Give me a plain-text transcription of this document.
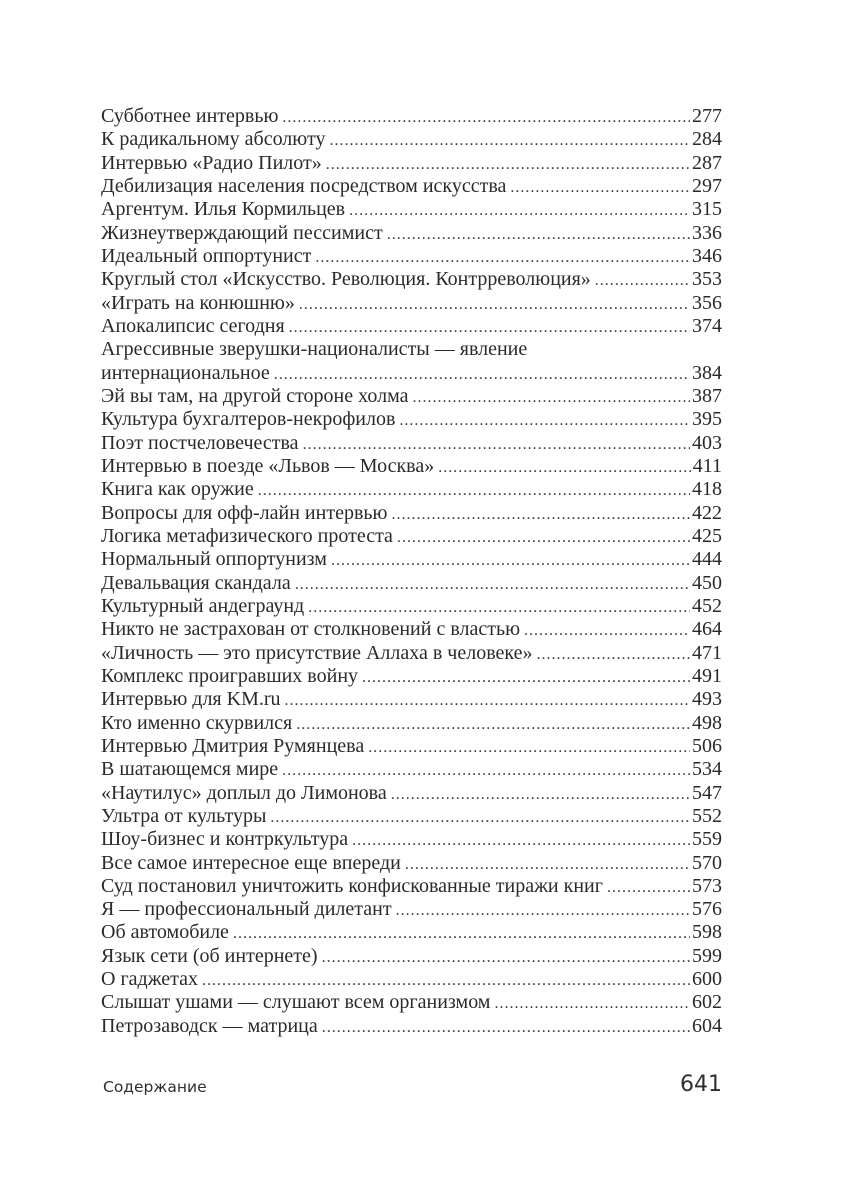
Субботнее интервью .....	277
К радикальному абсолюту .....	284
Интервью «Радио Пилот» .....	287
Дебилизация населения посредством искусства .....	297
Аргентум. Илья Кормильцев .....	315
Жизнеутверждающий пессимист .....	336
Идеальный оппортунист .....	346
Круглый стол «Искусство. Революция. Контрреволюция» .....	353
«Играть на конюшню» .....	356
Апокалипсис сегодня .....	374
Агрессивные зверушки-националисты — явление
интернациональное .....	384
Эй вы там, на другой стороне холма .....	387
Культура бухгалтеров-некрофилов .....	395
Поэт постчеловечества .....	403
Интервью в поезде «Львов — Москва» .....	411
Книга как оружие .....	418
Вопросы для офф-лайн интервью .....	422
Логика метафизического протеста .....	425
Нормальный оппортунизм .....	444
Девальвация скандала .....	450
Культурный андеграунд .....	452
Никто не застрахован от столкновений с властью .....	464
«Личность — это присутствие Аллаха в человеке» .....	471
Комплекс проигравших войну .....	491
Интервью для KM.ru .....	493
Кто именно скурвился .....	498
Интервью Дмитрия Румянцева .....	506
В шатающемся мире .....	534
«Наутилус» доплыл до Лимонова .....	547
Ультра от культуры .....	552
Шоу-бизнес и контркультура .....	559
Все самое интересное еще впереди .....	570
Суд постановил уничтожить конфискованные тиражи книг .....	573
Я — профессиональный дилетант .....	576
Об автомобиле .....	598
Язык сети (об интернете) .....	599
О гаджетах .....	600
Слышат ушами — слушают всем организмом .....	602
Петрозаводск — матрица .....	604
Содержание	641
